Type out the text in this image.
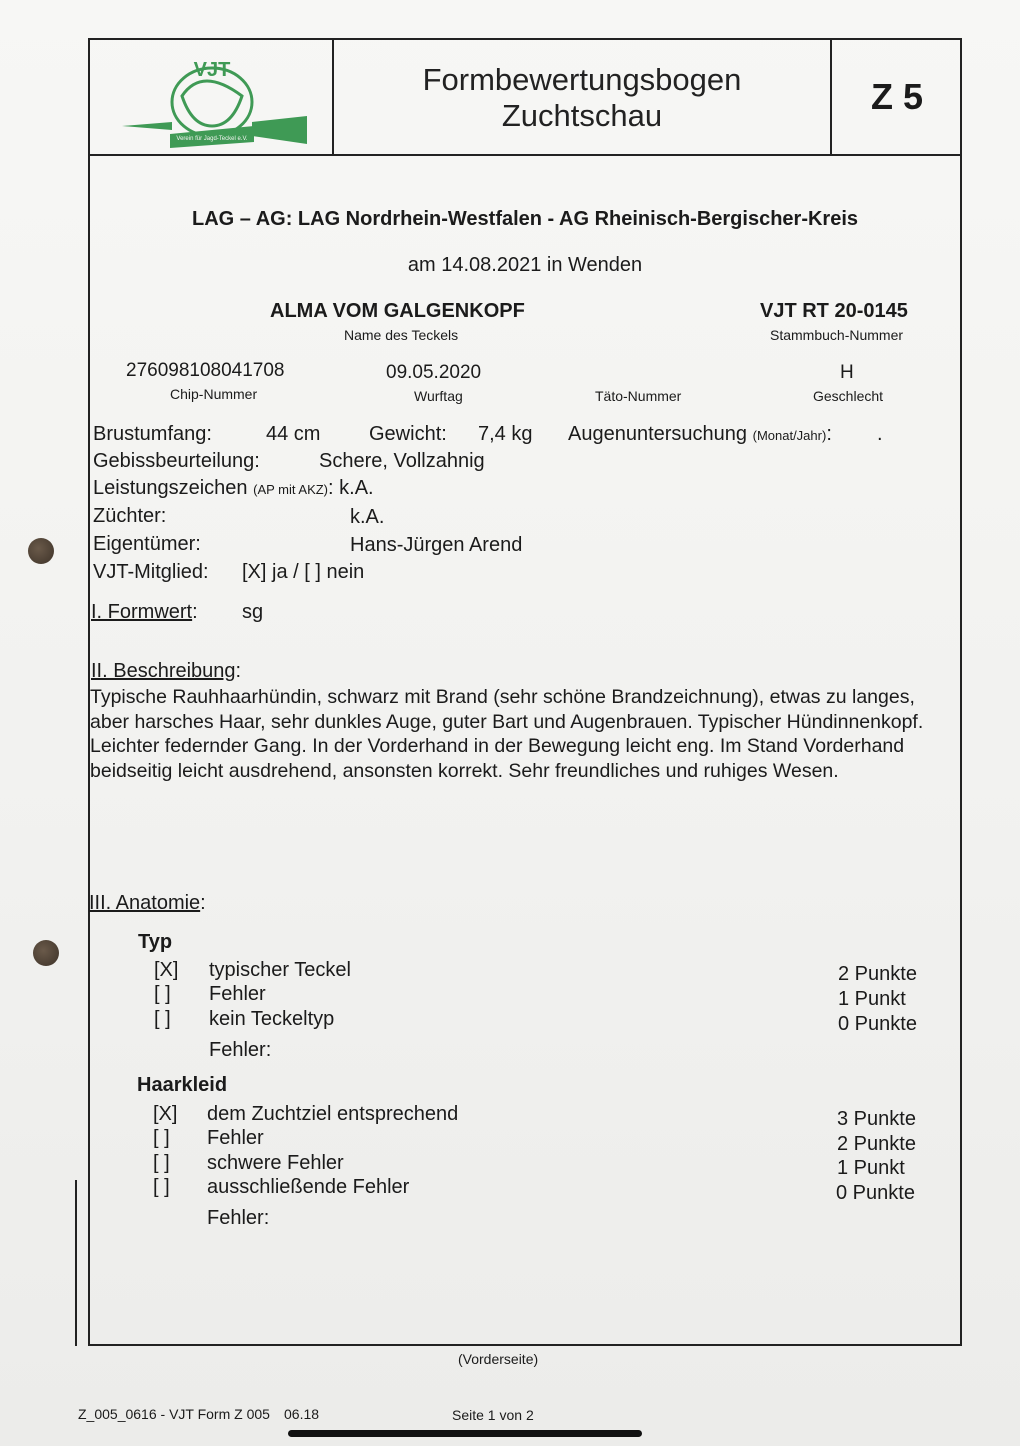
VJT
Verein für Jagd-Teckel e.V.
Formbewertungsbogen
Zuchtschau	Z 5
LAG – AG: LAG Nordrhein-Westfalen - AG Rheinisch-Bergischer-Kreis
am 14.08.2021 in Wenden
ALMA VOM GALGENKOPF
Name des Teckels
VJT RT 20-0145
Stammbuch-Nummer
276098108041708
Chip-Nummer
09.05.2020
Wurftag	Täto-Nummer
H
Geschlecht
Brustumfang:	44 cm Gewicht: 7,4 kg Augenuntersuchung (Monat/Jahr): .
Gebissbeurteilung:	Schere, Vollzahnig
Leistungszeichen (AP mit AKZ): k.A.
Züchter:	k.A.
Eigentümer:	Hans-Jürgen Arend
VJT-Mitglied: [X] ja / [ ] nein
I. Formwert: sg
II. Beschreibung:
Typische Rauhhaarhündin, schwarz mit Brand (sehr schöne Brandzeichnung), etwas zu langes, aber harsches Haar, sehr dunkles Auge, guter Bart und Augenbrauen. Typischer Hündinnenkopf. Leichter federnder Gang. In der Vorderhand in der Bewegung leicht eng. Im Stand Vorderhand beidseitig leicht ausdrehend, ansonsten korrekt. Sehr freundliches und ruhiges Wesen.
III. Anatomie:
Typ
[X] typischer Teckel	2 Punkte
[ ] Fehler	1 Punkt
[ ] kein Teckeltyp	0 Punkte
Fehler:
Haarkleid
[X] dem Zuchtziel entsprechend	3 Punkte
[ ] Fehler	2 Punkte
[ ] schwere Fehler	1 Punkt
[ ] ausschließende Fehler	0 Punkte
Fehler:
(Vorderseite)
Z_005_0616 - VJT Form Z 005 06.18	Seite 1 von 2
